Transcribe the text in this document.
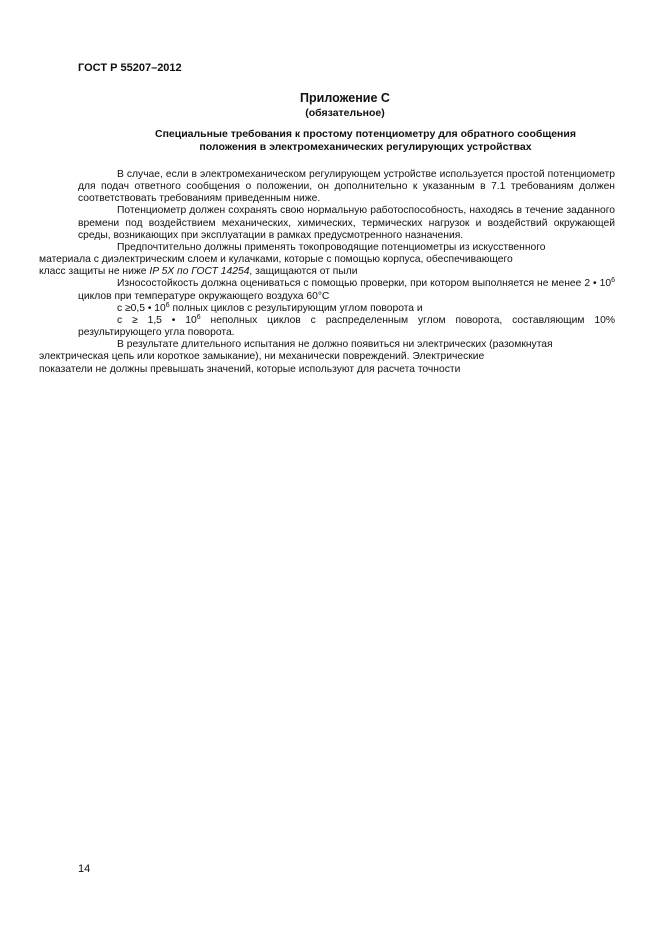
ГОСТ Р 55207–2012
Приложение С
(обязательное)
Специальные требования к простому потенциометру для обратного сообщения
положения в электромеханических регулирующих устройствах

В случае, если в электромеханическом регулирующем устройстве используется простой потенциометр для подач ответного сообщения о положении, он дополнительно к указанным в 7.1 требованиям должен соответствовать требованиям приведенным ниже.

Потенциометр должен сохранять свою нормальную работоспособность, находясь в течение заданного времени под воздействием механических, химических, термических нагрузок и воздействий окружающей среды, возникающих при эксплуатации в рамках предусмотренного назначения.

Предпочтительно должны применять токопроводящие потенциометры из искусственного
материала с диэлектрическим слоем и кулачками, которые с помощью корпуса, обеспечивающего
класс защиты не ниже IP 5X по ГОСТ 14254, защищаются от пыли

Износостойкость должна оцениваться с помощью проверки, при котором выполняется не менее 2 • $10^6$ циклов при температуре окружающего воздуха 60°С

с ≥0,5 • $10^6$ полных циклов с результирующим углом поворота и

с ≥ 1,5 • $10^6$ неполных циклов с распределенным углом поворота, составляющим 10% результирующего угла поворота.

В результате длительного испытания не должно появиться ни электрических (разомкнутая
электрическая цепь или короткое замыкание), ни механически повреждений. Электрические
показатели не должны превышать значений, которые используют для расчета точности

14
